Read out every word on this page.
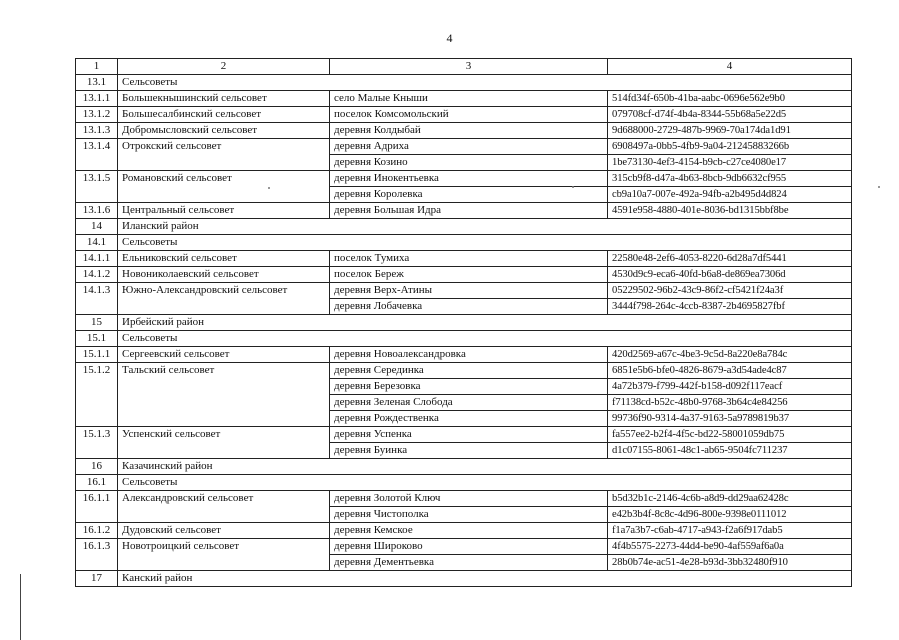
4
1	2	3	4
13.1	Сельсоветы		
13.1.1	Большекнышинский сельсовет	село Малые Кныши	514fd34f-650b-41ba-aabc-0696e562e9b0
13.1.2	Большесалбинский сельсовет	поселок Комсомольский	079708cf-d74f-4b4a-8344-55b68a5e22d5
13.1.3	Добромысловский сельсовет	деревня Колдыбай	9d688000-2729-487b-9969-70a174da1d91
13.1.4	Отрокский сельсовет	деревня Адриха	6908497a-0bb5-4fb9-9a04-21245883266b
		деревня Козино	1be73130-4ef3-4154-b9cb-c27ce4080e17
13.1.5	Романовский сельсовет	деревня Инокентьевка	315cb9f8-d47a-4b63-8bcb-9db6632cf955
		деревня Королевка	cb9a10a7-007e-492a-94fb-a2b495d4d824
13.1.6	Центральный сельсовет	деревня Большая Идра	4591e958-4880-401e-8036-bd1315bbf8be
14	Иланский район		
14.1	Сельсоветы		
14.1.1	Ельниковский сельсовет	поселок Тумиха	22580e48-2ef6-4053-8220-6d28a7df5441
14.1.2	Новониколаевский сельсовет	поселок Береж	4530d9c9-eca6-40fd-b6a8-de869ea7306d
14.1.3	Южно-Александровский сельсовет	деревня Верх-Атины	05229502-96b2-43c9-86f2-cf5421f24a3f
		деревня Лобачевка	3444f798-264c-4ccb-8387-2b4695827fbf
15	Ирбейский район		
15.1	Сельсоветы		
15.1.1	Сергеевский сельсовет	деревня Новоалександровка	420d2569-a67c-4be3-9c5d-8a220e8a784c
15.1.2	Тальский сельсовет	деревня Серединка	6851e5b6-bfe0-4826-8679-a3d54ade4c87
		деревня Березовка	4a72b379-f799-442f-b158-d092f117eacf
		деревня Зеленая Слобода	f71138cd-b52c-48b0-9768-3b64c4e84256
		деревня Рождественка	99736f90-9314-4a37-9163-5a9789819b37
15.1.3	Успенский сельсовет	деревня Успенка	fa557ee2-b2f4-4f5c-bd22-58001059db75
		деревня Буинка	d1c07155-8061-48c1-ab65-9504fc711237
16	Казачинский район		
16.1	Сельсоветы		
16.1.1	Александровский сельсовет	деревня Золотой Ключ	b5d32b1c-2146-4c6b-a8d9-dd29aa62428c
		деревня Чистополка	e42b3b4f-8c8c-4d96-800e-9398e0111012
16.1.2	Дудовский сельсовет	деревня Кемское	f1a7a3b7-c6ab-4717-a943-f2a6f917dab5
16.1.3	Новотроицкий сельсовет	деревня Широково	4f4b5575-2273-44d4-be90-4af559af6a0a
		деревня Дементьевка	28b0b74e-ac51-4e28-b93d-3bb32480f910
17	Канский район		
